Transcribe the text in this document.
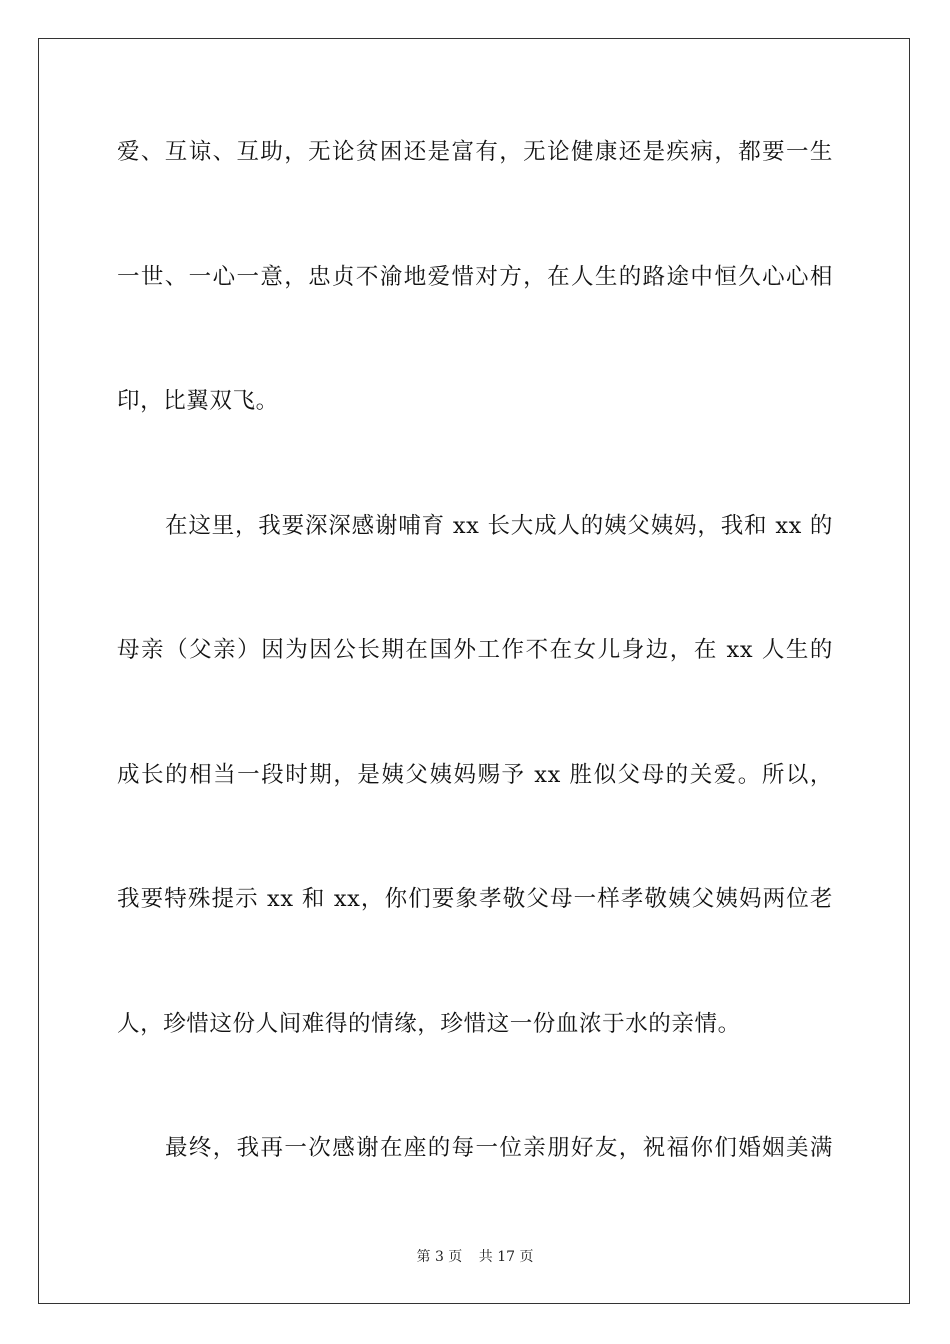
爱、互谅、互助，无论贫困还是富有，无论健康还是疾病，都要一生
一世、一心一意，忠贞不渝地爱惜对方，在人生的路途中恒久心心相
印，比翼双飞。
在这里，我要深深感谢哺育 xx 长大成人的姨父姨妈，我和 xx 的
母亲（父亲）因为因公长期在国外工作不在女儿身边，在 xx 人生的
成长的相当一段时期，是姨父姨妈赐予 xx 胜似父母的关爱。所以，
我要特殊提示 xx 和 xx，你们要象孝敬父母一样孝敬姨父姨妈两位老
人，珍惜这份人间难得的情缘，珍惜这一份血浓于水的亲情。
最终，我再一次感谢在座的每一位亲朋好友，祝福你们婚姻美满
第 3 页 共 17 页
